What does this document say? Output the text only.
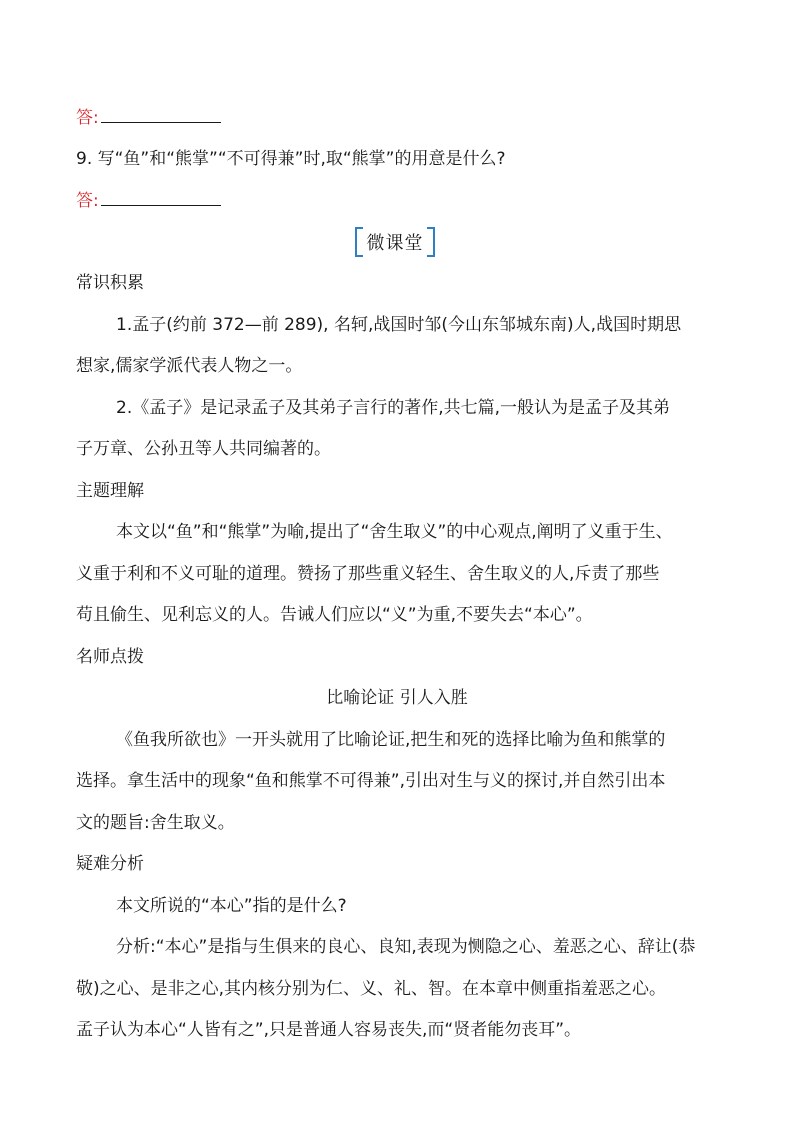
答:
9. 写“鱼”和“熊掌”“不可得兼”时,取“熊掌”的用意是什么?
答:
微课堂
常识积累
1.孟子(约前 372—前 289), 名轲,战国时邹(今山东邹城东南)人,战国时期思
想家,儒家学派代表人物之一。
2.《孟子》是记录孟子及其弟子言行的著作,共七篇,一般认为是孟子及其弟
子万章、公孙丑等人共同编著的。
主题理解
本文以“鱼”和“熊掌”为喻,提出了“舍生取义”的中心观点,阐明了义重于生、
义重于利和不义可耻的道理。赞扬了那些重义轻生、舍生取义的人,斥责了那些
苟且偷生、见利忘义的人。告诫人们应以“义”为重,不要失去“本心”。
名师点拨
比喻论证 引人入胜
《鱼我所欲也》一开头就用了比喻论证,把生和死的选择比喻为鱼和熊掌的
选择。拿生活中的现象“鱼和熊掌不可得兼”,引出对生与义的探讨,并自然引出本
文的题旨:舍生取义。
疑难分析
本文所说的“本心”指的是什么?
分析:“本心”是指与生俱来的良心、良知,表现为恻隐之心、羞恶之心、辞让(恭
敬)之心、是非之心,其内核分别为仁、义、礼、智。在本章中侧重指羞恶之心。
孟子认为本心“人皆有之”,只是普通人容易丧失,而“贤者能勿丧耳”。
